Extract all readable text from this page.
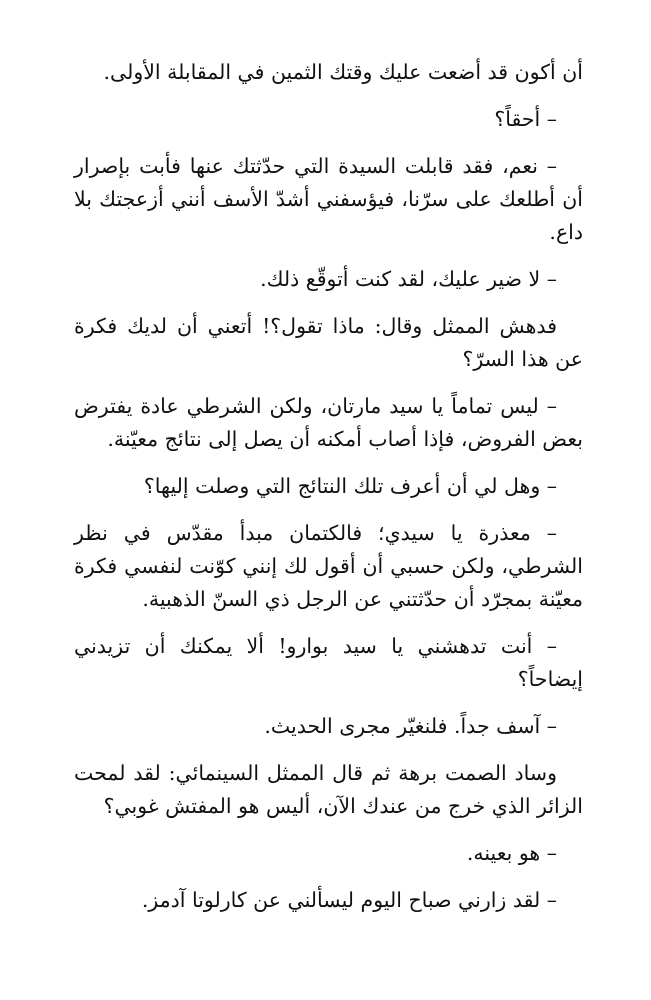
أن أكون قد أضعت عليك وقتك الثمين في المقابلة الأولى.

– أحقاً؟

– نعم، فقد قابلت السيدة التي حدّثتك عنها فأبت بإصرار أن أطلعك على سرّنا، فيؤسفني أشدّ الأسف أنني أزعجتك بلا داع.

– لا ضير عليك، لقد كنت أتوقّع ذلك.

فدهش الممثل وقال: ماذا تقول؟! أتعني أن لديك فكرة عن هذا السرّ؟

– ليس تماماً يا سيد مارتان، ولكن الشرطي عادة يفترض بعض الفروض، فإذا أصاب أمكنه أن يصل إلى نتائج معيّنة.

– وهل لي أن أعرف تلك النتائج التي وصلت إليها؟

– معذرة يا سيدي؛ فالكتمان مبدأ مقدّس في نظر الشرطي، ولكن حسبي أن أقول لك إنني كوّنت لنفسي فكرة معيّنة بمجرّد أن حدّثتني عن الرجل ذي السنّ الذهبية.

– أنت تدهشني يا سيد بوارو! ألا يمكنك أن تزيدني إيضاحاً؟

– آسف جداً. فلنغيّر مجرى الحديث.

وساد الصمت برهة ثم قال الممثل السينمائي: لقد لمحت الزائر الذي خرج من عندك الآن، أليس هو المفتش غوبي؟

– هو بعينه.

– لقد زارني صباح اليوم ليسألني عن كارلوتا آدمز.
